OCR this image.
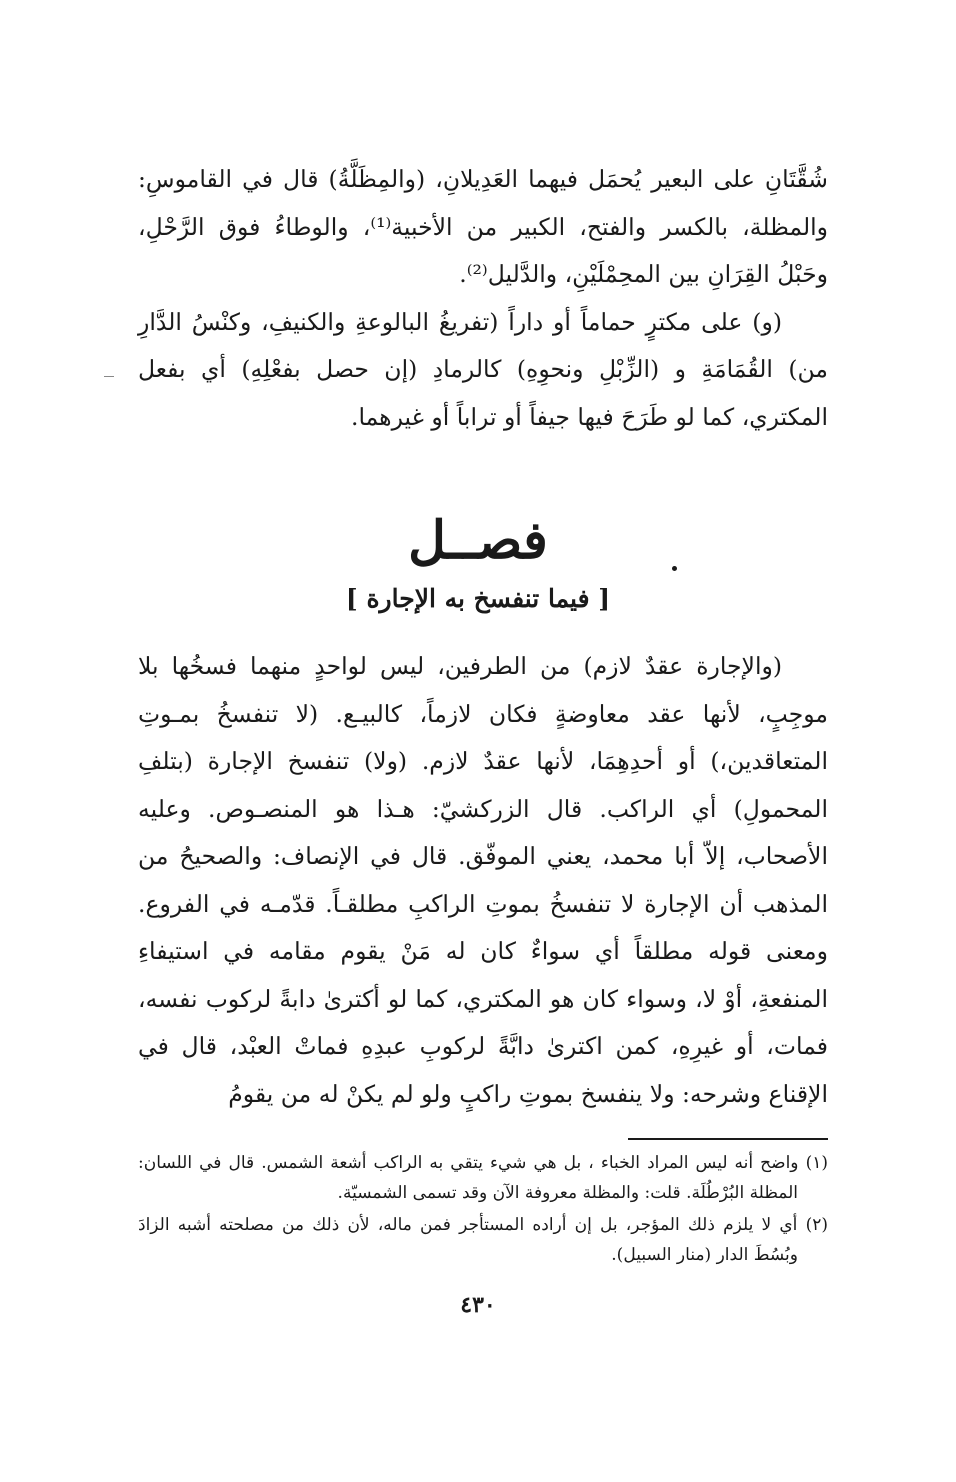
شُقَّتَانِ على البعير يُحمَل فيهما العَدِيلانِ، (والمِظَلَّةُ) قال في القاموسِ: والمظلة، بالكسر والفتح، الكبير من الأخبية⁽¹⁾، والوطاءُ فوق الرَّحْلِ، وحَبْلُ القِرَانِ بين المحِمْلَيْنِ، والدَّليل⁽²⁾.

(و) على مكترٍ حماماً أو داراً (تفريغُ البالوعةِ والكنيفِ، وكنْسُ الدَّارِ من) القُمَامَةِ و (الزِّبْلِ ونحوِهِ) كالرمادِ (إن حصل بفعْلِهِ) أي بفعل المكتري، كما لو طَرَحَ فيها جيفاً أو تراباً أو غيرهما.

فصــل
[ فيما تنفسخ به الإجارة ]

(والإجارة عقدٌ لازم) من الطرفين، ليس لواحدٍ منهما فسخُها بلا موجِبٍ، لأنها عقد معاوضةٍ فكان لازماً، كالبيـع. (لا تنفسخُ بمـوتِ المتعاقدين،) أو أحدِهِمَا، لأنها عقدٌ لازم. (ولا) تنفسخ الإجارة (بتلفِ المحمولِ) أي الراكب. قال الزركشيّ: هـذا هو المنصـوص. وعليه الأصحاب، إلاّ أبا محمد، يعني الموفّق. قال في الإنصاف: والصحيحُ من المذهب أن الإجارة لا تنفسخُ بموتِ الراكبِ مطلقـاً. قدّمـه في الفروع. ومعنى قوله مطلقاً أي سواءٌ كان له مَنْ يقوم مقامه في استيفاءِ المنفعةِ، أوْ لا، وسواء كان هو المكتري، كما لو أكترىٰ دابةً لركوب نفسه، فمات، أو غيرِهِ، كمن اكترىٰ دابَّةً لركوبِ عبدِهِ فماتْ العبْد، قال في الإقناع وشرحه: ولا ينفسخ بموتِ راكبٍ ولو لم يكنْ له من يقومُ

(١) واضح أنه ليس المراد الخباء ، بل هي شيء يتقي به الراكب أشعة الشمس. قال في اللسان: المظلة البُرْطُلَة. قلت: والمظلة معروفة الآن وقد تسمى الشمسيّة.

(٢) أي لا يلزم ذلك المؤجر، بل إن أراده المستأجر فمن ماله، لأن ذلك من مصلحته أشبه الزادَ وبُسُطَ الدار (منار السبيل).

٤٣٠
